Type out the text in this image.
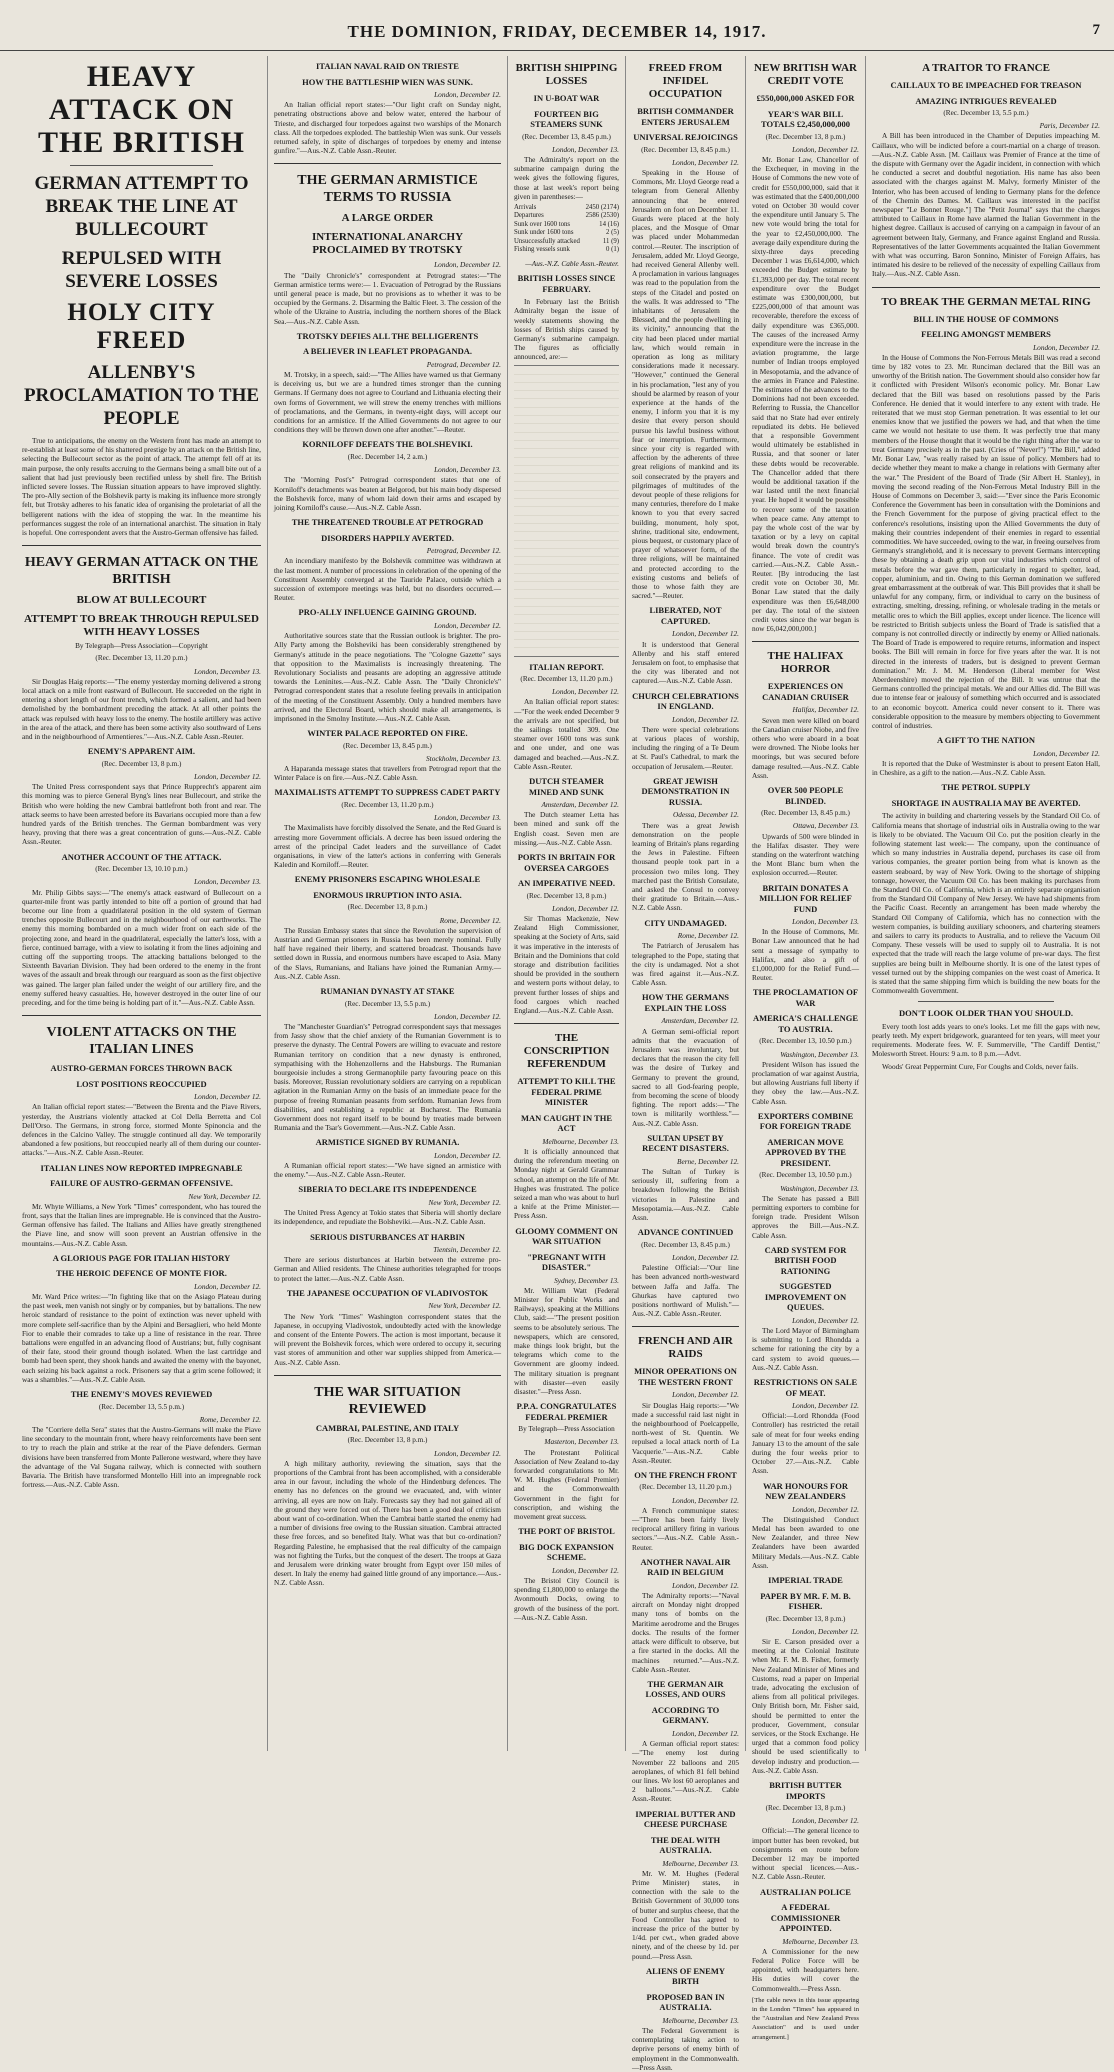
THE DOMINION, FRIDAY, DECEMBER 14, 1917.	7
HEAVY ATTACK ON THE BRITISH
GERMAN ATTEMPT TO BREAK THE LINE AT BULLECOURT
REPULSED WITH SEVERE LOSSES
HOLY CITY FREED
ALLENBY'S PROCLAMATION TO THE PEOPLE

True to anticipations, the enemy on the Western front has made an attempt to re-establish at least some of his shattered prestige by an attack on the British line, selecting the Bullecourt sector as the point of attack. The attempt fell off at its main purpose, the only results accruing to the Germans being a small bite out of a salient that had just previously been rectified unless by shell fire. The British inflicted severe losses. The Russian situation appears to have improved slightly. The pro-Ally section of the Bolshevik party is making its influence more strongly felt, but Trotsky adheres to his fanatic idea of organising the proletariat of all the belligerent nations with the idea of stopping the war. In the meantime his performances suggest the role of an international anarchist. The situation in Italy is hopeful. One correspondent avers that the Austro-German offensive has failed.

HEAVY GERMAN ATTACK ON THE BRITISH
BLOW AT BULLECOURT
ATTEMPT TO BREAK THROUGH REPULSED WITH HEAVY LOSSES
By Telegraph—Press Association—Copyright
(Rec. December 13, 11.20 p.m.)
London, December 13.

Sir Douglas Haig reports:—"The enemy yesterday morning delivered a strong local attack on a mile front eastward of Bullecourt. He succeeded on the right in entering a short length of our front trench, which formed a salient, and had been demolished by the bombardment preceding the attack. At all other points the attack was repulsed with heavy loss to the enemy. The hostile artillery was active in the area of the attack, and there has been some activity also southward of Lens and in the neighbourhood of Armentieres."—Aus.-N.Z. Cable Assn.-Reuter.

ENEMY'S APPARENT AIM.
(Rec. December 13, 8 p.m.)
London, December 12.

The United Press correspondent says that Prince Rupprecht's apparent aim this morning was to pierce General Byng's lines near Bullecourt, and strike the British who were holding the new Cambrai battlefront both front and rear. The attack seems to have been arrested before its Bavarians occupied more than a few hundred yards of the British trenches. The German bombardment was very heavy, proving that there was a great concentration of guns.—Aus.-N.Z. Cable Assn.-Reuter.

ANOTHER ACCOUNT OF THE ATTACK.
(Rec. December 13, 10.10 p.m.)
London, December 13.

Mr. Philip Gibbs says:—"The enemy's attack eastward of Bullecourt on a quarter-mile front was partly intended to bite off a portion of ground that had become our line from a quadrilateral position in the old system of German trenches opposite Bullecourt and in the neighbourhood of our earthworks. The enemy this morning bombarded on a much wider front on each side of the projecting zone, and heard in the quadrilateral, especially the latter's loss, with a fierce, continued barrage, with a view to isolating it from the lines adjoining and cutting off the supporting troops. The attacking battalions belonged to the Sixteenth Bavarian Division. They had been ordered to the enemy in the front waves of the assault and break through our rearguard as soon as the first objective was gained. The larger plan failed under the weight of our artillery fire, and the enemy suffered heavy casualties. He, however destroyed in the outer line of our preceding, and for the time being is holding part of it."—Aus.-N.Z. Cable Assn.

VIOLENT ATTACKS ON THE ITALIAN LINES
AUSTRO-GERMAN FORCES THROWN BACK
LOST POSITIONS REOCCUPIED
London, December 12.

An Italian official report states:—"Between the Brenta and the Piave Rivers, yesterday, the Austrians violently attacked at Col Della Berretta and Col Dell'Orso. The Germans, in strong force, stormed Monte Spinoncia and the defences in the Calcino Valley. The struggle continued all day. We temporarily abandoned a few positions, but reoccupied nearly all of them during our counter-attacks."—Aus.-N.Z. Cable Assn.-Reuter.

ITALIAN LINES NOW REPORTED IMPREGNABLE
FAILURE OF AUSTRO-GERMAN OFFENSIVE.
New York, December 12.

Mr. Whyte Williams, a New York "Times" correspondent, who has toured the front, says that the Italian lines are impregnable. He is convinced that the Austro-German offensive has failed. The Italians and Allies have greatly strengthened the Piave line, and snow will soon prevent an Austrian offensive in the mountains.—Aus.-N.Z. Cable Assn.

A GLORIOUS PAGE FOR ITALIAN HISTORY
THE HEROIC DEFENCE OF MONTE FIOR.
London, December 12.

Mr. Ward Price writes:—"In fighting like that on the Asiago Plateau during the past week, men vanish not singly or by companies, but by battalions. The new heroic standard of resistance to the point of extinction was never upheld with more complete self-sacrifice than by the Alpini and Bersaglieri, who held Monte Fior to enable their comrades to take up a line of resistance in the rear. Three battalions were engulfed in an advancing flood of Austrians; but, fully cognisant of their fate, stood their ground though isolated. When the last cartridge and bomb had been spent, they shook hands and awaited the enemy with the bayonet, each seizing his back against a rock. Prisoners say that a grim scene followed; it was a shambles."—Aus.-N.Z. Cable Assn.

THE ENEMY'S MOVES REVIEWED
(Rec. December 13, 5.5 p.m.)
Rome, December 12.

The "Corriere della Sera" states that the Austro-Germans will make the Piave line secondary to the mountain front, where heavy reinforcements have been sent to try to reach the plain and strike at the rear of the Piave defenders. German divisions have been transferred from Monte Pallerone westward, where they have the advantage of the Val Sugana railway, which is connected with southern Bavaria. The British have transformed Montello Hill into an impregnable rock fortress.—Aus.-N.Z. Cable Assn.

ITALIAN NAVAL RAID ON TRIESTE
HOW THE BATTLESHIP WIEN WAS SUNK.
London, December 12.

An Italian official report states:—"Our light craft on Sunday night, penetrating obstructions above and below water, entered the harbour of Trieste, and discharged four torpedoes against two warships of the Monarch class. All the torpedoes exploded. The battleship Wien was sunk. Our vessels returned safely, in spite of discharges of torpedoes by enemy and intense gunfire."—Aus.-N.Z. Cable Assn.-Reuter.

THE GERMAN ARMISTICE TERMS TO RUSSIA
A LARGE ORDER
INTERNATIONAL ANARCHY PROCLAIMED BY TROTSKY
London, December 12.

The "Daily Chronicle's" correspondent at Petrograd states:—"The German armistice terms were:— 1. Evacuation of Petrograd by the Russians until general peace is made, but no provisions as to whether it was to be occupied by the Germans. 2. Disarming the Baltic Fleet. 3. The cession of the whole of the Ukraine to Austria, including the northern shores of the Black Sea.—Aus.-N.Z. Cable Assn.

TROTSKY DEFIES ALL THE BELLIGERENTS
A BELIEVER IN LEAFLET PROPAGANDA.
Petrograd, December 12.

M. Trotsky, in a speech, said:—"The Allies have warned us that Germany is deceiving us, but we are a hundred times stronger than the cunning Germans. If Germany does not agree to Courland and Lithuania electing their own forms of Government, we will strew the enemy trenches with millions of proclamations, and the Germans, in twenty-eight days, will accept our conditions for an armistice. If the Allied Governments do not agree to our conditions they will be thrown down one after another."—Reuter.

KORNILOFF DEFEATS THE BOLSHEVIKI.
(Rec. December 14, 2 a.m.)
London, December 13.

The "Morning Post's" Petrograd correspondent states that one of Korniloff's detachments was beaten at Belgorod, but his main body dispersed the Bolshevik force, many of whom laid down their arms and escaped by joining Korniloff's cause.—Aus.-N.Z. Cable Assn.

THE THREATENED TROUBLE AT PETROGRAD
DISORDERS HAPPILY AVERTED.
Petrograd, December 12.

An incendiary manifesto by the Bolshevik committee was withdrawn at the last moment. A number of processions in celebration of the opening of the Constituent Assembly converged at the Tauride Palace, outside which a succession of extempore meetings was held, but no disorders occurred.—Reuter.

PRO-ALLY INFLUENCE GAINING GROUND.
London, December 12.

Authoritative sources state that the Russian outlook is brighter. The pro-Ally Party among the Bolsheviki has been considerably strengthened by Germany's attitude in the peace negotiations. The "Cologne Gazette" says that opposition to the Maximalists is increasingly threatening. The Revolutionary Socialists and peasants are adopting an aggressive attitude towards the Leninites.—Aus.-N.Z. Cable Assn. The "Daily Chronicle's" Petrograd correspondent states that a resolute feeling prevails in anticipation of the meeting of the Constituent Assembly. Only a hundred members have arrived, and the Electoral Board, which should make all arrangements, is imprisoned in the Smolny Institute.—Aus.-N.Z. Cable Assn.

WINTER PALACE REPORTED ON FIRE.
(Rec. December 13, 8.45 p.m.)
Stockholm, December 13.

A Haparanda message states that travellers from Petrograd report that the Winter Palace is on fire.—Aus.-N.Z. Cable Assn.

MAXIMALISTS ATTEMPT TO SUPPRESS CADET PARTY
(Rec. December 13, 11.20 p.m.)
London, December 13.

The Maximalists have forcibly dissolved the Senate, and the Red Guard is arresting more Government officials. A decree has been issued ordering the arrest of the principal Cadet leaders and the surveillance of Cadet organisations, in view of the latter's actions in conferring with Generals Kaledin and Korniloff.—Reuter.

ENEMY PRISONERS ESCAPING WHOLESALE
ENORMOUS IRRUPTION INTO ASIA.
(Rec. December 13, 8 p.m.)
Rome, December 12.

The Russian Embassy states that since the Revolution the supervision of Austrian and German prisoners in Russia has been merely nominal. Fully half have regained their liberty, and scattered broadcast. Thousands have settled down in Russia, and enormous numbers have escaped to Asia. Many of the Slavs, Rumanians, and Italians have joined the Rumanian Army.—Aus.-N.Z. Cable Assn.

RUMANIAN DYNASTY AT STAKE
(Rec. December 13, 5.5 p.m.)
London, December 12.

The "Manchester Guardian's" Petrograd correspondent says that messages from Jassy show that the chief anxiety of the Rumanian Government is to preserve the dynasty. The Central Powers are willing to evacuate and restore Rumanian territory on condition that a new dynasty is enthroned, sympathising with the Hohenzollerns and the Habsburgs. The Rumanian bourgeoisie includes a strong Germanophile party favouring peace on this basis. Moreover, Russian revolutionary soldiers are carrying on a republican agitation in the Rumanian Army on the basis of an immediate peace for the purpose of freeing Rumanian peasants from serfdom. Rumanian Jews from disabilities, and establishing a republic at Bucharest. The Rumania Government does not regard itself to be bound by treaties made between Rumania and the Tsar's Government.—Aus.-N.Z. Cable Assn.

ARMISTICE SIGNED BY RUMANIA.
London, December 12.

A Rumanian official report states:—"We have signed an armistice with the enemy."—Aus.-N.Z. Cable Assn.-Reuter.

SIBERIA TO DECLARE ITS INDEPENDENCE
New York, December 12.

The United Press Agency at Tokio states that Siberia will shortly declare its independence, and repudiate the Bolsheviki.—Aus.-N.Z. Cable Assn.

SERIOUS DISTURBANCES AT HARBIN
Tientsin, December 12.

There are serious disturbances at Harbin between the extreme pro-German and Allied residents. The Chinese authorities telegraphed for troops to protect the latter.—Aus.-N.Z. Cable Assn.

THE JAPANESE OCCUPATION OF VLADIVOSTOK
New York, December 12.

The New York "Times" Washington correspondent states that the Japanese, in occupying Vladivostok, undoubtedly acted with the knowledge and consent of the Entente Powers. The action is most important, because it will prevent the Bolshevik forces, which were ordered to occupy it, securing vast stores of ammunition and other war supplies shipped from America.—Aus.-N.Z. Cable Assn.

THE WAR SITUATION REVIEWED
CAMBRAI, PALESTINE, AND ITALY
(Rec. December 13, 8 p.m.)
London, December 12.

A high military authority, reviewing the situation, says that the proportions of the Cambrai front has been accomplished, with a considerable area in our favour, including the whole of the Hindenburg defences. The enemy has no defences on the ground we evacuated, and, with winter arriving, all eyes are now on Italy. Forecasts say they had not gained all of the ground they were forced out of. There has been a good deal of criticism about want of co-ordination. When the Cambrai battle started the enemy had a number of divisions free owing to the Russian situation. Cambrai attracted these free forces, and so benefited Italy. What was that but co-ordination? Regarding Palestine, he emphasised that the real difficulty of the campaign was not fighting the Turks, but the conquest of the desert. The troops at Gaza and Jerusalem were drinking water brought from Egypt over 150 miles of desert. In Italy the enemy had gained little ground of any importance.—Aus.-N.Z. Cable Assn.

BRITISH SHIPPING LOSSES
IN U-BOAT WAR
FOURTEEN BIG STEAMERS SUNK
(Rec. December 13, 8.45 p.m.)
London, December 13.

The Admiralty's report on the submarine campaign during the week gives the following figures, those at last week's report being given in parentheses:—

Arrivals	2450 (2174)
Departures	2586 (2530)
Sunk over 1600 tons	14 (16)
Sunk under 1600 tons	2 (5)
Unsuccessfully attacked	11 (9)
Fishing vessels sunk	0 (1)
—Aus.-N.Z. Cable Assn.-Reuter.
BRITISH LOSSES SINCE FEBRUARY.

In February last the British Admiralty began the issue of weekly statements showing the losses of British ships caused by Germany's submarine campaign. The figures as officially announced, are:—

ITALIAN REPORT.
(Rec. December 13, 11.20 p.m.)
London, December 12.

An Italian official report states:—"For the week ended December 9 the arrivals are not specified, but the sailings totalled 309. One steamer over 1600 tons was sunk and one under, and one was damaged and beached.—Aus.-N.Z. Cable Assn.-Reuter.

DUTCH STEAMER MINED AND SUNK
Amsterdam, December 12.

The Dutch steamer Letta has been mined and sunk off the English coast. Seven men are missing.—Aus.-N.Z. Cable Assn.

PORTS IN BRITAIN FOR OVERSEA CARGOES
AN IMPERATIVE NEED.
(Rec. December 13, 8 p.m.)
London, December 12.

Sir Thomas Mackenzie, New Zealand High Commissioner, speaking at the Society of Arts, said it was imperative in the interests of Britain and the Dominions that cold storage and distribution facilities should be provided in the southern and western ports without delay, to prevent further losses of ships and food cargoes which reached England.—Aus.-N.Z. Cable Assn.

THE CONSCRIPTION REFERENDUM
ATTEMPT TO KILL THE FEDERAL PRIME MINISTER
MAN CAUGHT IN THE ACT
Melbourne, December 13.

It is officially announced that during the referendum meeting on Monday night at Gerald Grammar school, an attempt on the life of Mr. Hughes was frustrated. The police seized a man who was about to hurl a knife at the Prime Minister.—Press Assn.

GLOOMY COMMENT ON WAR SITUATION
"PREGNANT WITH DISASTER."
Sydney, December 13.

Mr. William Watt (Federal Minister for Public Works and Railways), speaking at the Millions Club, said:—"The present position seems to be absolutely serious. The newspapers, which are censored, make things look bright, but the telegrams which come to the Government are gloomy indeed. The military situation is pregnant with disaster—even easily disaster."—Press Assn.

P.P.A. CONGRATULATES FEDERAL PREMIER
By Telegraph—Press Association
Masterton, December 13.

The Protestant Political Association of New Zealand to-day forwarded congratulations to Mr. W. M. Hughes (Federal Premier) and the Commonwealth Government in the fight for conscription, and wishing the movement great success.

THE PORT OF BRISTOL
BIG DOCK EXPANSION SCHEME.
London, December 12.

The Bristol City Council is spending £1,800,000 to enlarge the Avonmouth Docks, owing to growth of the business of the port.—Aus.-N.Z. Cable Assn.

FREED FROM INFIDEL OCCUPATION
BRITISH COMMANDER ENTERS JERUSALEM
UNIVERSAL REJOICINGS
(Rec. December 13, 8.45 p.m.)
London, December 12.

Speaking in the House of Commons, Mr. Lloyd George read a telegram from General Allenby announcing that he entered Jerusalem on foot on December 11. Guards were placed at the holy places, and the Mosque of Omar was placed under Mohammedan control.—Reuter. The inscription of Jerusalem, added Mr. Lloyd George, had received General Allenby well. A proclamation in various languages was read to the population from the steps of the Citadel and posted on the walls. It was addressed to "The inhabitants of Jerusalem the Blessed, and the people dwelling in its vicinity," announcing that the city had been placed under martial law, which would remain in operation as long as military considerations made it necessary. "However," continued the General in his proclamation, "lest any of you should be alarmed by reason of your experience at the hands of the enemy, I inform you that it is my desire that every person should pursue his lawful business without fear or interruption. Furthermore, since your city is regarded with affection by the adherents of three great religions of mankind and its soil consecrated by the prayers and pilgrimages of multitudes of the devout people of these religions for many centuries, therefore do I make known to you that every sacred building, monument, holy spot, shrine, traditional site, endowment, pious bequest, or customary place of prayer of whatsoever form, of the three religions, will be maintained and protected according to the existing customs and beliefs of those to whose faith they are sacred."—Reuter.

LIBERATED, NOT CAPTURED.
London, December 12.

It is understood that General Allenby and his staff entered Jerusalem on foot, to emphasise that the city was liberated and not captured.—Aus.-N.Z. Cable Assn.

CHURCH CELEBRATIONS IN ENGLAND.
London, December 12.

There were special celebrations at various places of worship, including the ringing of a Te Deum at St. Paul's Cathedral, to mark the occupation of Jerusalem.—Reuter.

GREAT JEWISH DEMONSTRATION IN RUSSIA.
Odessa, December 12.

There was a great Jewish demonstration on the people learning of Britain's plans regarding the Jews in Palestine. Fifteen thousand people took part in a procession two miles long. They marched past the British Consulate, and asked the Consul to convey their gratitude to Britain.—Aus.-N.Z. Cable Assn.

CITY UNDAMAGED.
Rome, December 12.

The Patriarch of Jerusalem has telegraphed to the Pope, stating that the city is undamaged. Not a shot was fired against it.—Aus.-N.Z. Cable Assn.

HOW THE GERMANS EXPLAIN THE LOSS
Amsterdam, December 12.

A German semi-official report admits that the evacuation of Jerusalem was involuntary, but declares that the reason the city fell was the desire of Turkey and Germany to prevent the ground, sacred to all God-fearing people, from becoming the scene of bloody fighting. The report adds:—"The town is militarily worthless."—Aus.-N.Z. Cable Assn.

SULTAN UPSET BY RECENT DISASTERS.
Berne, December 12.

The Sultan of Turkey is seriously ill, suffering from a breakdown following the British victories in Palestine and Mesopotamia.—Aus.-N.Z. Cable Assn.

ADVANCE CONTINUED
(Rec. December 13, 8.45 p.m.)
London, December 12.

Palestine Official:—"Our line has been advanced north-westward between Jaffa and Jaffa. The Ghurkas have captured two positions northward of Mulish."—Aus.-N.Z. Cable Assn.-Reuter.

FRENCH AND AIR RAIDS
MINOR OPERATIONS ON THE WESTERN FRONT
London, December 12.

Sir Douglas Haig reports:—"We made a successful raid last night in the neighbourhood of Poelcappelle, north-west of St. Quentin. We repulsed a local attack north of La Vacquerie."—Aus.-N.Z. Cable Assn.-Reuter.

ON THE FRENCH FRONT
(Rec. December 13, 11.20 p.m.)
London, December 12.

A French communique states:—"There has been fairly lively reciprocal artillery firing in various sectors."—Aus.-N.Z. Cable Assn.-Reuter.

ANOTHER NAVAL AIR RAID IN BELGIUM
London, December 12.

The Admiralty reports:—"Naval aircraft on Monday night dropped many tons of bombs on the Maritime aerodrome and the Bruges docks. The results of the former attack were difficult to observe, but a fire started in the docks. All the machines returned."—Aus.-N.Z. Cable Assn.-Reuter.

THE GERMAN AIR LOSSES, AND OURS
ACCORDING TO GERMANY.
London, December 12.

A German official report states:—"The enemy lost during November 22 balloons and 205 aeroplanes, of which 81 fell behind our lines. We lost 60 aeroplanes and 2 balloons."—Aus.-N.Z. Cable Assn.-Reuter.

IMPERIAL BUTTER AND CHEESE PURCHASE
THE DEAL WITH AUSTRALIA.
Melbourne, December 13.

Mr. W. M. Hughes (Federal Prime Minister) states, in connection with the sale to the British Government of 30,000 tons of butter and surplus cheese, that the Food Controller has agreed to increase the price of the butter by 1/4d. per cwt., when graded above ninety, and of the cheese by 1d. per pound.—Press Assn.

ALIENS OF ENEMY BIRTH
PROPOSED BAN IN AUSTRALIA.
Melbourne, December 13.

The Federal Government is contemplating taking action to deprive persons of enemy birth of employment in the Commonwealth.—Press Assn.

NEW BRITISH WAR CREDIT VOTE
£550,000,000 ASKED FOR
YEAR'S WAR BILL TOTALS £2,450,000,000
(Rec. December 13, 8 p.m.)
London, December 12.

Mr. Bonar Law, Chancellor of the Exchequer, in moving in the House of Commons the new vote of credit for £550,000,000, said that it was estimated that the £400,000,000 voted on October 30 would cover the expenditure until January 5. The new vote would bring the total for the year to £2,450,000,000. The average daily expenditure during the sixty-three days preceding December 1 was £6,614,000, which exceeded the Budget estimate by £1,393,000 per day. The total recent expenditure over the Budget estimate was £300,000,000, but £225,000,000 of that amount was recoverable, therefore the excess of daily expenditure was £365,000. The causes of the increased Army expenditure were the increase in the aviation programme, the large number of Indian troops employed in Mesopotamia, and the advance of the armies in France and Palestine. The estimates of the advances to the Dominions had not been exceeded. Referring to Russia, the Chancellor said that no State had ever entirely repudiated its debts. He believed that a responsible Government would ultimately be established in Russia, and that sooner or later these debts would be recoverable. The Chancellor added that there would be additional taxation if the war lasted until the next financial year. He hoped it would be possible to recover some of the taxation when peace came. Any attempt to pay the whole cost of the war by taxation or by a levy on capital would break down the country's finance. The vote of credit was carried.—Aus.-N.Z. Cable Assn.-Reuter. [By introducing the last credit vote on October 30, Mr. Bonar Law stated that the daily expenditure was then £6,648,000 per day. The total of the sixteen credit votes since the war began is now £6,042,000,000.]

THE HALIFAX HORROR
EXPERIENCES ON CANADIAN CRUISER
Halifax, December 12.

Seven men were killed on board the Canadian cruiser Niobe, and five others who were aboard in a boat were drowned. The Niobe looks her moorings, but was secured before damage resulted.—Aus.-N.Z. Cable Assn.

OVER 500 PEOPLE BLINDED.
(Rec. December 13, 8.45 p.m.)
Ottawa, December 13.

Upwards of 500 were blinded in the Halifax disaster. They were standing on the waterfront watching the Mont Blanc burn when the explosion occurred.—Reuter.

BRITAIN DONATES A MILLION FOR RELIEF FUND
London, December 13.

In the House of Commons, Mr. Bonar Law announced that he had sent a message of sympathy to Halifax, and also a gift of £1,000,000 for the Relief Fund.—Reuter.

THE PROCLAMATION OF WAR
AMERICA'S CHALLENGE TO AUSTRIA.
(Rec. December 13, 10.50 p.m.)
Washington, December 13.

President Wilson has issued the proclamation of war against Austria, but allowing Austrians full liberty if they obey the law.—Aus.-N.Z. Cable Assn.

EXPORTERS COMBINE FOR FOREIGN TRADE
AMERICAN MOVE APPROVED BY THE PRESIDENT.
(Rec. December 13, 10.50 p.m.)
Washington, December 13.

The Senate has passed a Bill permitting exporters to combine for foreign trade. President Wilson approves the Bill.—Aus.-N.Z. Cable Assn.

CARD SYSTEM FOR BRITISH FOOD RATIONING
SUGGESTED IMPROVEMENT ON QUEUES.
London, December 12.

The Lord Mayor of Birmingham is submitting to Lord Rhondda a scheme for rationing the city by a card system to avoid queues.—Aus.-N.Z. Cable Assn.

RESTRICTIONS ON SALE OF MEAT.
London, December 12.

Official:—Lord Rhondda (Food Controller) has restricted the retail sale of meat for four weeks ending January 13 to the amount of the sale during the four weeks prior to October 27.—Aus.-N.Z. Cable Assn.

WAR HONOURS FOR NEW ZEALANDERS
London, December 12.

The Distinguished Conduct Medal has been awarded to one New Zealander, and three New Zealanders have been awarded Military Medals.—Aus.-N.Z. Cable Assn.

IMPERIAL TRADE
PAPER BY MR. F. M. B. FISHER.
(Rec. December 13, 8 p.m.)
London, December 12.

Sir E. Carson presided over a meeting at the Colonial Institute when Mr. F. M. B. Fisher, formerly New Zealand Minister of Mines and Customs, read a paper on Imperial trade, advocating the exclusion of aliens from all political privileges. Only British born, Mr. Fisher said, should be permitted to enter the producer, Government, consular services, or the Stock Exchange. He urged that a common food policy should be used scientifically to develop industry and production.—Aus.-N.Z. Cable Assn.

BRITISH BUTTER IMPORTS
(Rec. December 13, 8 p.m.)
London, December 12.

Official:—The general licence to import butter has been revoked, but consignments en route before December 12 may be imported without special licences.—Aus.-N.Z. Cable Assn.-Reuter.

AUSTRALIAN POLICE
A FEDERAL COMMISSIONER APPOINTED.
Melbourne, December 13.

A Commissioner for the new Federal Police Force will be appointed, with headquarters here. His duties will cover the Commonwealth.—Press Assn.

[The cable news in this issue appearing in the London "Times" has appeared in the "Australian and New Zealand Press Association" and is used under arrangement.]

A TRAITOR TO FRANCE
CAILLAUX TO BE IMPEACHED FOR TREASON
AMAZING INTRIGUES REVEALED
(Rec. December 13, 5.5 p.m.)
Paris, December 12.

A Bill has been introduced in the Chamber of Deputies impeaching M. Caillaux, who will be indicted before a court-martial on a charge of treason.—Aus.-N.Z. Cable Assn. [M. Caillaux was Premier of France at the time of the dispute with Germany over the Agadir incident, in connection with which he conducted a secret and doubtful negotiation. His name has also been associated with the charges against M. Malvy, formerly Minister of the Interior, who has been accused of lending to Germany plans for the defence of the Chemin des Dames. M. Caillaux was interested in the pacifist newspaper "Le Bonnet Rouge."] The "Petit Journal" says that the charges attributed to Caillaux in Rome have alarmed the Italian Government in the highest degree. Caillaux is accused of carrying on a campaign in favour of an agreement between Italy, Germany, and France against England and Russia. Representatives of the latter Governments acquainted the Italian Government with what was occurring. Baron Sonnino, Minister of Foreign Affairs, has intimated his desire to be relieved of the necessity of expelling Caillaux from Italy.—Aus.-N.Z. Cable Assn.

TO BREAK THE GERMAN METAL RING
BILL IN THE HOUSE OF COMMONS
FEELING AMONGST MEMBERS
London, December 12.

In the House of Commons the Non-Ferrous Metals Bill was read a second time by 182 votes to 23. Mr. Runciman declared that the Bill was an unworthy of the British nation. The Government should also consider how far it conflicted with President Wilson's economic policy. Mr. Bonar Law declared that the Bill was based on resolutions passed by the Paris Conference. He denied that it would interfere to any extent with trade. He reiterated that we must stop German penetration. It was essential to let our enemies know that we justified the powers we had, and that when the time came we would not hesitate to use them. It was perfectly true that many members of the House thought that it would be the right thing after the war to treat Germany precisely as in the past. (Cries of "Never!") "The Bill," added Mr. Bonar Law, "was really raised by an issue of policy. Members had to decide whether they meant to make a change in relations with Germany after the war." The President of the Board of Trade (Sir Albert H. Stanley), in moving the second reading of the Non-Ferrous Metal Industry Bill in the House of Commons on December 3, said:—"Ever since the Paris Economic Conference the Government has been in consultation with the Dominions and the French Government for the purpose of giving practical effect to the conference's resolutions, insisting upon the Allied Governments the duty of making their countries independent of their enemies in regard to essential commodities. We have succeeded, owing to the war, in freeing ourselves from Germany's stranglehold, and it is necessary to prevent Germans intercepting these by obtaining a death grip upon our vital industries which control of metals before the war gave them, particularly in regard to spelter, lead, copper, aluminium, and tin. Owing to this German domination we suffered great embarrassment at the outbreak of war. This Bill provides that it shall be unlawful for any company, firm, or individual to carry on the business of extracting, smelting, dressing, refining, or wholesale trading in the metals or metallic ores to which the Bill applies, except under licence. The licence will be restricted to British subjects unless the Board of Trade is satisfied that a company is not controlled directly or indirectly by enemy or Allied nationals. The Board of Trade is empowered to require returns, information and inspect books. The Bill will remain in force for five years after the war. It is not directed in the interests of traders, but is designed to prevent German domination." Mr. J. M. M. Henderson (Liberal member for West Aberdeenshire) moved the rejection of the Bill. It was untrue that the Germans controlled the principal metals. We and our Allies did. The Bill was due to intense fear or jealousy of something which occurred and is associated to an economic boycott. America could never consent to it. There was considerable opposition to the measure by members objecting to Government control of industries.

A GIFT TO THE NATION
London, December 12.

It is reported that the Duke of Westminster is about to present Eaton Hall, in Cheshire, as a gift to the nation.—Aus.-N.Z. Cable Assn.

THE PETROL SUPPLY
SHORTAGE IN AUSTRALIA MAY BE AVERTED.

The activity in building and chartering vessels by the Standard Oil Co. of California means that shortage of industrial oils in Australia owing to the war is likely to be obviated. The Vacuum Oil Co. put the position clearly in the following statement last week:— The company, upon the continuance of which so many industries in Australia depend, purchases its case oil from various companies, the greater portion being from what is known as the eastern seaboard, by way of New York. Owing to the shortage of shipping tonnage, however, the Vacuum Oil Co. has been making its purchases from the Standard Oil Co. of California, which is an entirely separate organisation from the Standard Oil Company of New Jersey. We have had shipments from the Pacific Coast. Recently an arrangement has been made whereby the Standard Oil Company of California, which has no connection with the western companies, is building auxiliary schooners, and chartering steamers and sailers to carry its products to Australia, and to relieve the Vacuum Oil Company. These vessels will be used to supply oil to Australia. It is not expected that the trade will reach the large volume of pre-war days. The first supplies are being built in Melbourne shortly. It is one of the latest types of vessel turned out by the shipping companies on the west coast of America. It is stated that the same shipping firm which is building the new boats for the Commonwealth Government.

DON'T LOOK OLDER THAN YOU SHOULD.

Every tooth lost adds years to one's looks. Let me fill the gaps with new, pearly teeth. My expert bridgework, guaranteed for ten years, will meet your requirements. Moderate fees. W. F. Summerville, "The Cardiff Dentist," Molesworth Street. Hours: 9 a.m. to 8 p.m.—Advt.

Woods' Great Peppermint Cure, For Coughs and Colds, never fails.
